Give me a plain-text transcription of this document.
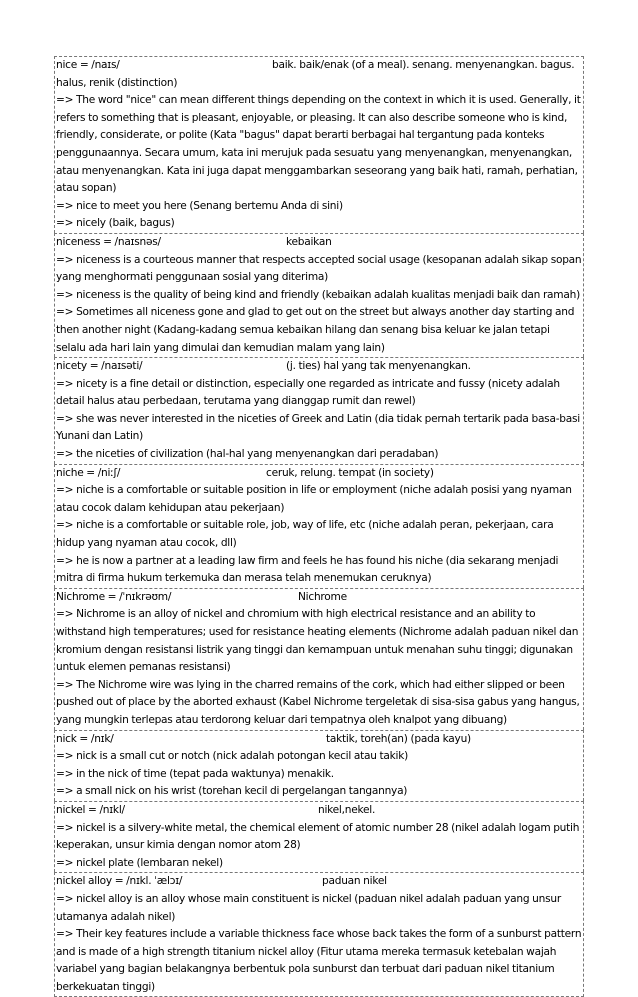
nice = /naɪs/	baik. baik/enak (of a meal). senang. menyenangkan. bagus.

halus, renik (distinction)

=> The word "nice" can mean different things depending on the context in which it is used. Generally, it refers to something that is pleasant, enjoyable, or pleasing. It can also describe someone who is kind, friendly, considerate, or polite (Kata "bagus" dapat berarti berbagai hal tergantung pada konteks penggunaannya. Secara umum, kata ini merujuk pada sesuatu yang menyenangkan, menyenangkan, atau menyenangkan. Kata ini juga dapat menggambarkan seseorang yang baik hati, ramah, perhatian, atau sopan)

=> nice to meet you here (Senang bertemu Anda di sini)

=> nicely (baik, bagus)

niceness = /naɪsnəs/	kebaikan

=> niceness is a courteous manner that respects accepted social usage (kesopanan adalah sikap sopan yang menghormati penggunaan sosial yang diterima)

=> niceness is the quality of being kind and friendly (kebaikan adalah kualitas menjadi baik dan ramah)

=> Sometimes all niceness gone and glad to get out on the street but always another day starting and then another night (Kadang-kadang semua kebaikan hilang dan senang bisa keluar ke jalan tetapi selalu ada hari lain yang dimulai dan kemudian malam yang lain)

nicety = /naɪsəti/	(j. ties) hal yang tak menyenangkan.

=> nicety is a fine detail or distinction, especially one regarded as intricate and fussy (nicety adalah detail halus atau perbedaan, terutama yang dianggap rumit dan rewel)

=> she was never interested in the niceties of Greek and Latin (dia tidak pernah tertarik pada basa-basi Yunani dan Latin)

=> the niceties of civilization (hal-hal yang menyenangkan dari peradaban)

niche = /niːʃ/	ceruk, relung. tempat (in society)

=> niche is a comfortable or suitable position in life or employment (niche adalah posisi yang nyaman atau cocok dalam kehidupan atau pekerjaan)

=> niche is a comfortable or suitable role, job, way of life, etc (niche adalah peran, pekerjaan, cara hidup yang nyaman atau cocok, dll)

=> he is now a partner at a leading law firm and feels he has found his niche (dia sekarang menjadi mitra di firma hukum terkemuka dan merasa telah menemukan ceruknya)

Nichrome = /ˈnɪkrəʊm/	Nichrome

=> Nichrome is an alloy of nickel and chromium with high electrical resistance and an ability to withstand high temperatures; used for resistance heating elements (Nichrome adalah paduan nikel dan kromium dengan resistansi listrik yang tinggi dan kemampuan untuk menahan suhu tinggi; digunakan untuk elemen pemanas resistansi)

=> The Nichrome wire was lying in the charred remains of the cork, which had either slipped or been pushed out of place by the aborted exhaust (Kabel Nichrome tergeletak di sisa-sisa gabus yang hangus, yang mungkin terlepas atau terdorong keluar dari tempatnya oleh knalpot yang dibuang)

nick = /nɪk/	taktik, toreh(an) (pada kayu)

=> nick is a small cut or notch (nick adalah potongan kecil atau takik)

=> in the nick of time (tepat pada waktunya) menakik.

=> a small nick on his wrist (torehan kecil di pergelangan tangannya)

nickel = /nɪkl/	nikel,nekel.

=> nickel is a silvery-white metal, the chemical element of atomic number 28 (nikel adalah logam putih keperakan, unsur kimia dengan nomor atom 28)

=> nickel plate (lembaran nekel)

nickel alloy = /nɪkl. ˈælɔɪ/	paduan nikel

=> nickel alloy is an alloy whose main constituent is nickel (paduan nikel adalah paduan yang unsur utamanya adalah nikel)

=> Their key features include a variable thickness face whose back takes the form of a sunburst pattern and is made of a high strength titanium nickel alloy (Fitur utama mereka termasuk ketebalan wajah variabel yang bagian belakangnya berbentuk pola sunburst dan terbuat dari paduan nikel titanium berkekuatan tinggi)
